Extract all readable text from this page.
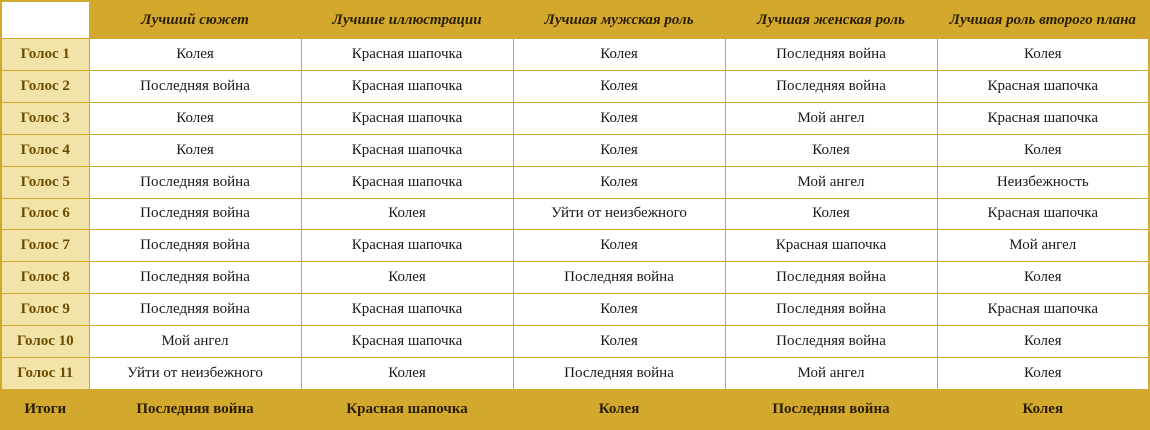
	Лучший сюжет	Лучшие иллюстрации	Лучшая мужская роль	Лучшая женская роль	Лучшая роль второго плана
Голос 1	Колея	Красная шапочка	Колея	Последняя война	Колея
Голос 2	Последняя война	Красная шапочка	Колея	Последняя война	Красная шапочка
Голос 3	Колея	Красная шапочка	Колея	Мой ангел	Красная шапочка
Голос 4	Колея	Красная шапочка	Колея	Колея	Колея
Голос 5	Последняя война	Красная шапочка	Колея	Мой ангел	Неизбежность
Голос 6	Последняя война	Колея	Уйти от неизбежного	Колея	Красная шапочка
Голос 7	Последняя война	Красная шапочка	Колея	Красная шапочка	Мой ангел
Голос 8	Последняя война	Колея	Последняя война	Последняя война	Колея
Голос 9	Последняя война	Красная шапочка	Колея	Последняя война	Красная шапочка
Голос 10	Мой ангел	Красная шапочка	Колея	Последняя война	Колея
Голос 11	Уйти от неизбежного	Колея	Последняя война	Мой ангел	Колея
Итоги	Последняя война	Красная шапочка	Колея	Последняя война	Колея
